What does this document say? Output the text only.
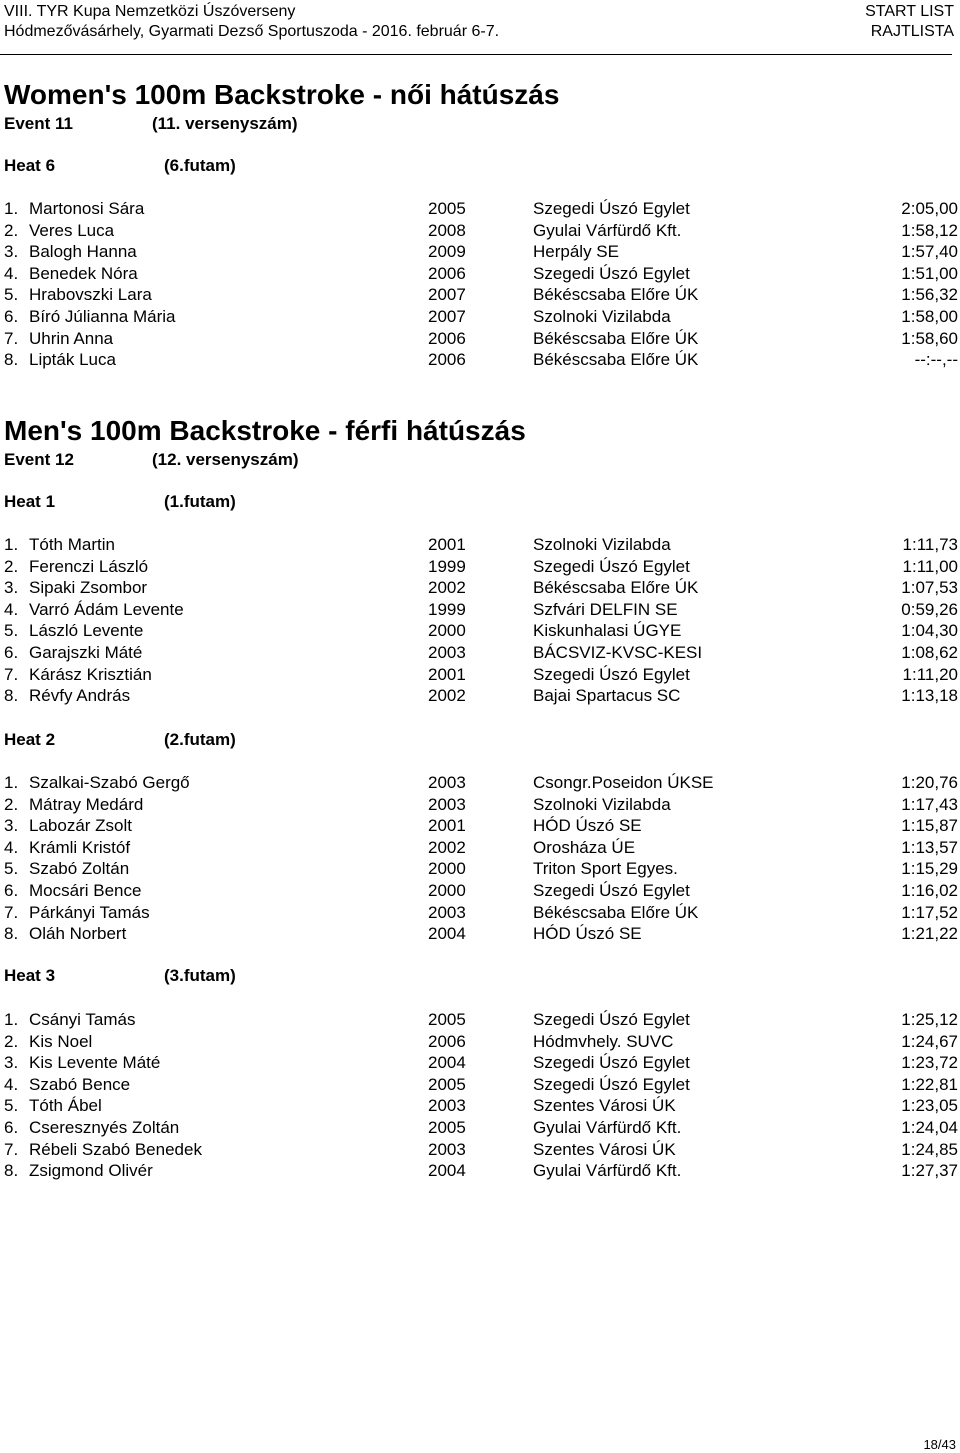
VIII. TYR Kupa Nemzetközi Úszóverseny
Hódmezővásárhely, Gyarmati Dezső Sportuszoda - 2016. február 6-7.
START LIST
RAJTLISTA
Women's 100m Backstroke - női hátúszás
Event 11	(11. versenyszám)
Heat 6	(6.futam)
Men's 100m Backstroke - férfi hátúszás
Event 12	(12. versenyszám)
Heat 1	(1.futam)
Heat 2	(2.futam)
Heat 3	(3.futam)
18/43
1. Martonosi Sára	2005	Szegedi Úszó Egylet	2:05,00
2. Veres Luca	2008	Gyulai Várfürdő Kft.	1:58,12
3. Balogh Hanna	2009	Herpály SE	1:57,40
4. Benedek Nóra	2006	Szegedi Úszó Egylet	1:51,00
5. Hrabovszki Lara	2007	Békéscsaba Előre ÚK	1:56,32
6. Bíró Júlianna Mária	2007	Szolnoki Vizilabda	1:58,00
7. Uhrin Anna	2006	Békéscsaba Előre ÚK	1:58,60
8. Lipták Luca	2006	Békéscsaba Előre ÚK	--:--,--
1. Tóth Martin	2001	Szolnoki Vizilabda	1:11,73
2. Ferenczi László	1999	Szegedi Úszó Egylet	1:11,00
3. Sipaki Zsombor	2002	Békéscsaba Előre ÚK	1:07,53
4. Varró Ádám Levente	1999	Szfvári DELFIN SE	0:59,26
5. László Levente	2000	Kiskunhalasi ÚGYE	1:04,30
6. Garajszki Máté	2003	BÁCSVIZ-KVSC-KESI	1:08,62
7. Kárász Krisztián	2001	Szegedi Úszó Egylet	1:11,20
8. Révfy András	2002	Bajai Spartacus SC	1:13,18
1. Szalkai-Szabó Gergő	2003	Csongr.Poseidon ÚKSE	1:20,76
2. Mátray Medárd	2003	Szolnoki Vizilabda	1:17,43
3. Labozár Zsolt	2001	HÓD Úszó SE	1:15,87
4. Krámli Kristóf	2002	Orosháza ÚE	1:13,57
5. Szabó Zoltán	2000	Triton Sport Egyes.	1:15,29
6. Mocsári Bence	2000	Szegedi Úszó Egylet	1:16,02
7. Párkányi Tamás	2003	Békéscsaba Előre ÚK	1:17,52
8. Oláh Norbert	2004	HÓD Úszó SE	1:21,22
1. Csányi Tamás	2005	Szegedi Úszó Egylet	1:25,12
2. Kis Noel	2006	Hódmvhely. SUVC	1:24,67
3. Kis Levente Máté	2004	Szegedi Úszó Egylet	1:23,72
4. Szabó Bence	2005	Szegedi Úszó Egylet	1:22,81
5. Tóth Ábel	2003	Szentes Városi ÚK	1:23,05
6. Cseresznyés Zoltán	2005	Gyulai Várfürdő Kft.	1:24,04
7. Rébeli Szabó Benedek	2003	Szentes Városi ÚK	1:24,85
8. Zsigmond Olivér	2004	Gyulai Várfürdő Kft.	1:27,37
